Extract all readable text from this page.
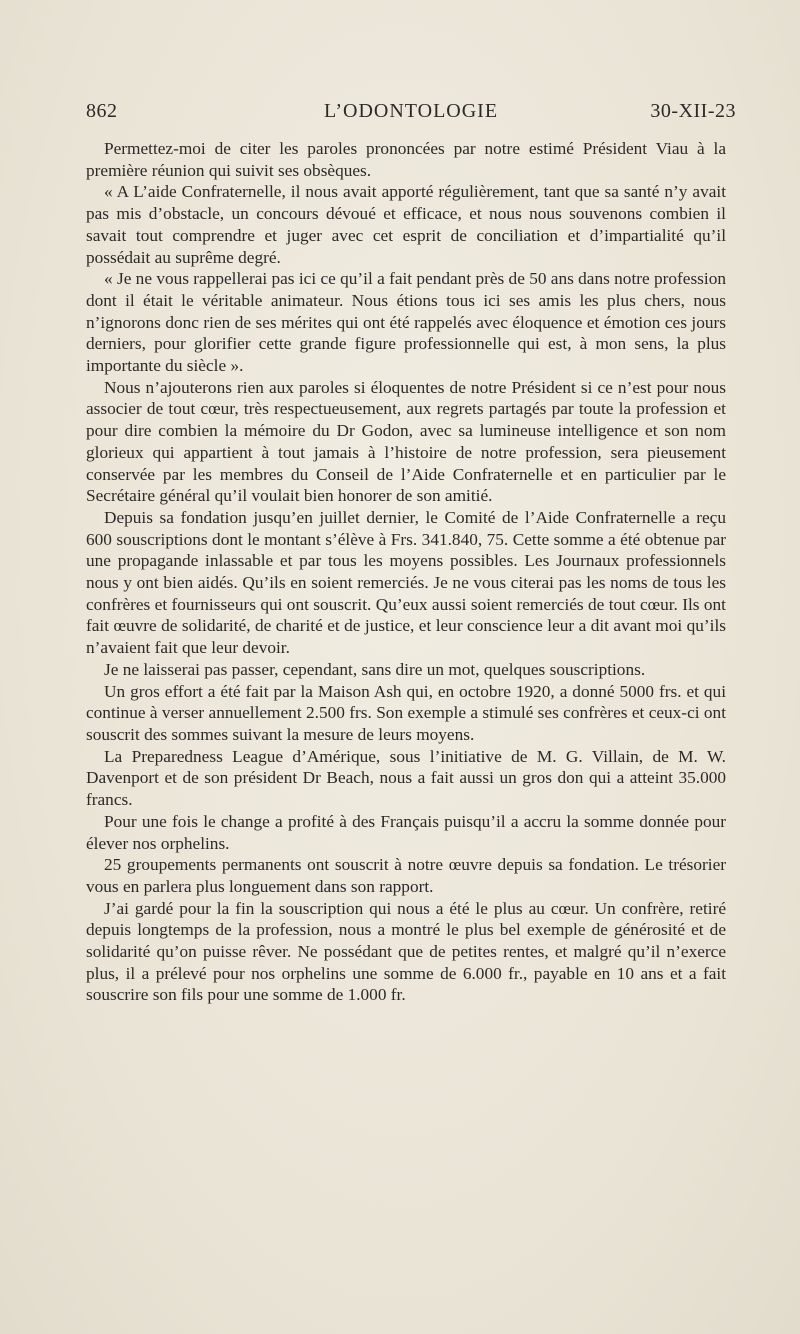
862	L’ODONTOLOGIE	30-XII-23

Permettez-moi de citer les paroles prononcées par notre estimé Président Viau à la première réunion qui suivit ses obsèques.

« A L’aide Confraternelle, il nous avait apporté régulièrement, tant que sa santé n’y avait pas mis d’obstacle, un concours dévoué et efficace, et nous nous souvenons combien il savait tout comprendre et juger avec cet esprit de conciliation et d’impartialité qu’il possédait au suprême degré.

« Je ne vous rappellerai pas ici ce qu’il a fait pendant près de 50 ans dans notre profession dont il était le véritable animateur. Nous étions tous ici ses amis les plus chers, nous n’ignorons donc rien de ses mérites qui ont été rappelés avec éloquence et émotion ces jours derniers, pour glorifier cette grande figure professionnelle qui est, à mon sens, la plus importante du siècle ».

Nous n’ajouterons rien aux paroles si éloquentes de notre Président si ce n’est pour nous associer de tout cœur, très respectueusement, aux regrets partagés par toute la profession et pour dire combien la mémoire du Dr Godon, avec sa lumineuse intelligence et son nom glorieux qui appartient à tout jamais à l’histoire de notre profession, sera pieusement conservée par les membres du Conseil de l’Aide Confraternelle et en particulier par le Secrétaire général qu’il voulait bien honorer de son amitié.

Depuis sa fondation jusqu’en juillet dernier, le Comité de l’Aide Confraternelle a reçu 600 souscriptions dont le montant s’élève à Frs. 341.840, 75. Cette somme a été obtenue par une propagande inlassable et par tous les moyens possibles. Les Journaux professionnels nous y ont bien aidés. Qu’ils en soient remerciés. Je ne vous citerai pas les noms de tous les confrères et fournisseurs qui ont souscrit. Qu’eux aussi soient remerciés de tout cœur. Ils ont fait œuvre de solidarité, de charité et de justice, et leur conscience leur a dit avant moi qu’ils n’avaient fait que leur devoir.

Je ne laisserai pas passer, cependant, sans dire un mot, quelques souscriptions.

Un gros effort a été fait par la Maison Ash qui, en octobre 1920, a donné 5000 frs. et qui continue à verser annuellement 2.500 frs. Son exemple a stimulé ses confrères et ceux-ci ont souscrit des sommes suivant la mesure de leurs moyens.

La Preparedness League d’Amérique, sous l’initiative de M. G. Villain, de M. W. Davenport et de son président Dr Beach, nous a fait aussi un gros don qui a atteint 35.000 francs.

Pour une fois le change a profité à des Français puisqu’il a accru la somme donnée pour élever nos orphelins.

25 groupements permanents ont souscrit à notre œuvre depuis sa fondation. Le trésorier vous en parlera plus longuement dans son rapport.

J’ai gardé pour la fin la souscription qui nous a été le plus au cœur. Un confrère, retiré depuis longtemps de la profession, nous a montré le plus bel exemple de générosité et de solidarité qu’on puisse rêver. Ne possédant que de petites rentes, et malgré qu’il n’exerce plus, il a prélevé pour nos orphelins une somme de 6.000 fr., payable en 10 ans et a fait souscrire son fils pour une somme de 1.000 fr.
